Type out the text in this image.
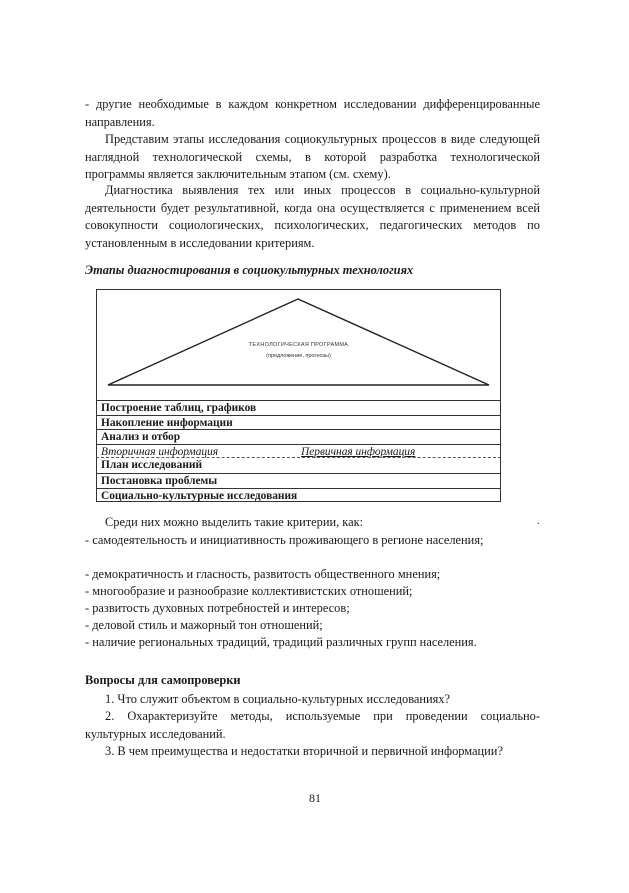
- другие необходимые в каждом конкретном исследовании дифференцированные направления.

Представим этапы исследования социокультурных процессов в виде следующей наглядной технологической схемы, в которой разработка технологической программы является заключительным этапом (см. схему).

Диагностика выявления тех или иных процессов в социально-культурной деятельности будет результативной, когда она осуществляется с применением всей совокупности социологических, психологических, педагогических методов по установленным в исследовании критериям.

Этапы диагностирования в социокультурных технологиях

ТЕХНОЛОГИЧЕСКАЯ ПРОГРАММА
(предложение, прогнозы)
Построение таблиц, графиков
Накопление информации
Анализ и отбор
Вторичная информация	Первичная информация
План исследований
Постановка проблемы
Социально-культурные исследования

Среди них можно выделить такие критерии, как:	.

- самодеятельность и инициативность проживающего в регионе населения;

- демократичность и гласность, развитость общественного мнения;

- многообразие и разнообразие коллективистских отношений;

- развитость духовных потребностей и интересов;

- деловой стиль и мажорный тон отношений;

- наличие региональных традиций, традиций различных групп населения.

Вопросы для самопроверки

1. Что служит объектом в социально-культурных исследованиях?

2. Охарактеризуйте методы, используемые при проведении социально-культурных исследований.

3. В чем преимущества и недостатки вторичной и первичной информации?

81
